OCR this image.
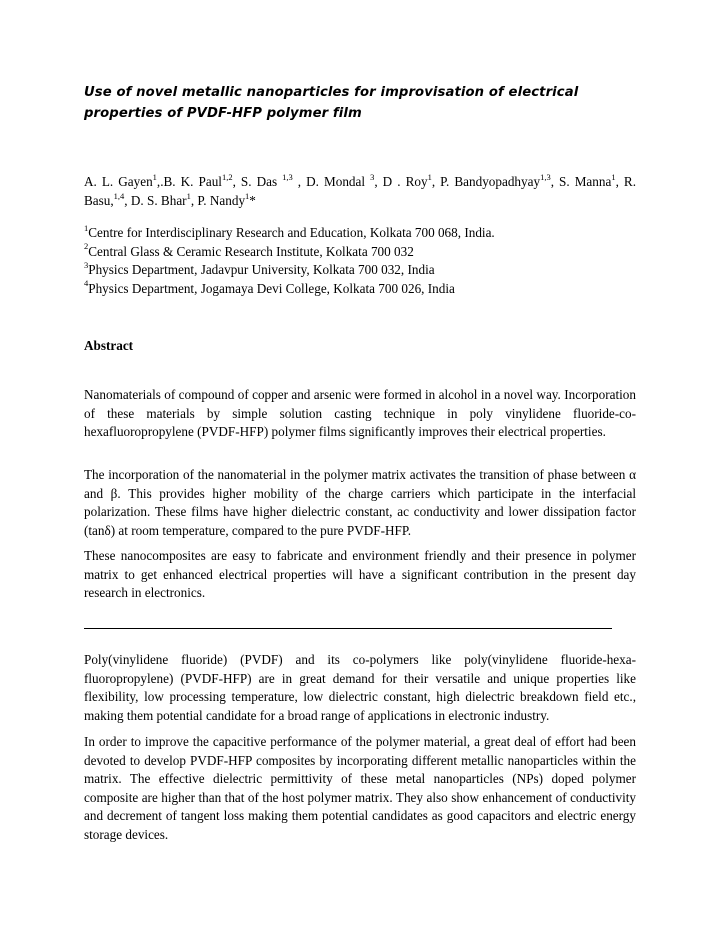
Use of novel metallic nanoparticles for improvisation of electrical
properties of PVDF-HFP polymer film
A. L. Gayen$^1$,.B. K. Paul$^{1,2}$, S. Das $^{1,3}$ , D. Mondal $^3$, D . Roy$^1$, P. Bandyopadhyay$^{1,3}$, S. Manna$^1$, R. Basu,$^{1,4}$, D. S. Bhar$^1$, P. Nandy$^1$*
$^1$Centre for Interdisciplinary Research and Education, Kolkata 700 068, India.
$^2$Central Glass & Ceramic Research Institute, Kolkata 700 032
$^3$Physics Department, Jadavpur University, Kolkata 700 032, India
$^4$Physics Department, Jogamaya Devi College, Kolkata 700 026, India
Abstract

Nanomaterials of compound of copper and arsenic were formed in alcohol in a novel way. Incorporation of these materials by simple solution casting technique in poly vinylidene fluoride-co-hexafluoropropylene (PVDF-HFP) polymer films significantly improves their electrical properties.

The incorporation of the nanomaterial in the polymer matrix activates the transition of phase between α and β. This provides higher mobility of the charge carriers which participate in the interfacial polarization. These films have higher dielectric constant, ac conductivity and lower dissipation factor (tanδ) at room temperature, compared to the pure PVDF-HFP.

These nanocomposites are easy to fabricate and environment friendly and their presence in polymer matrix to get enhanced electrical properties will have a significant contribution in the present day research in electronics.

Poly(vinylidene fluoride) (PVDF) and its co-polymers like poly(vinylidene fluoride-hexa-fluoropropylene) (PVDF-HFP) are in great demand for their versatile and unique properties like flexibility, low processing temperature, low dielectric constant, high dielectric breakdown field etc., making them potential candidate for a broad range of applications in electronic industry.

In order to improve the capacitive performance of the polymer material, a great deal of effort had been devoted to develop PVDF-HFP composites by incorporating different metallic nanoparticles within the matrix. The effective dielectric permittivity of these metal nanoparticles (NPs) doped polymer composite are higher than that of the host polymer matrix. They also show enhancement of conductivity and decrement of tangent loss making them potential candidates as good capacitors and electric energy storage devices.
